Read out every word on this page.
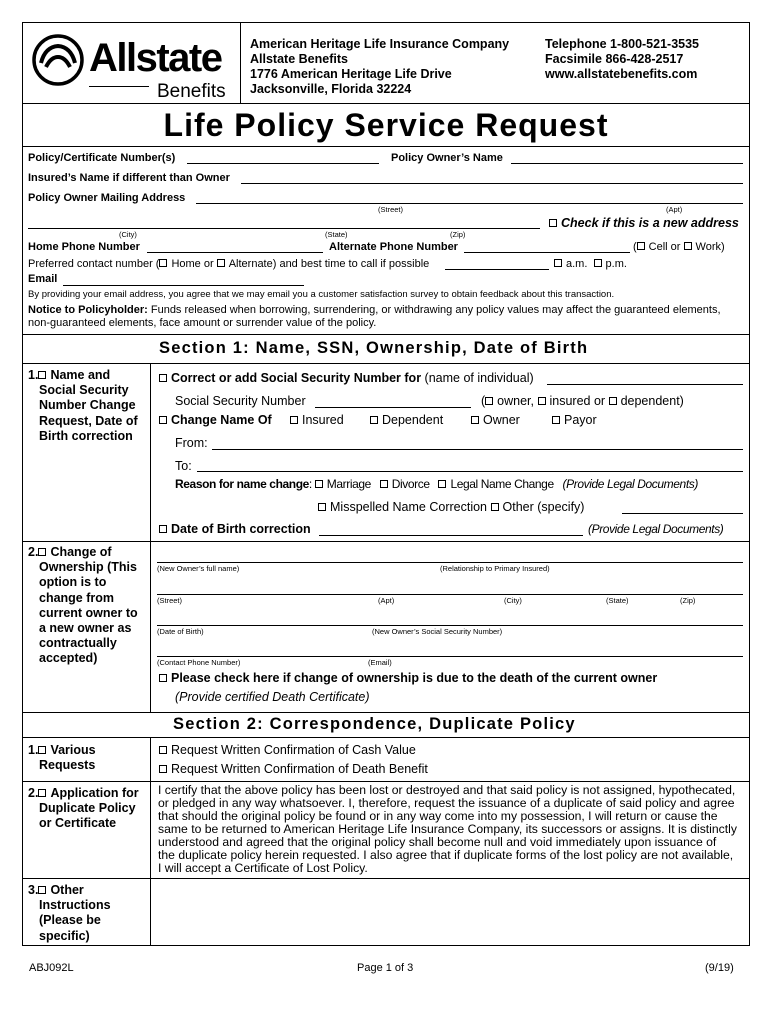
Allstate
Benefits
American Heritage Life Insurance Company
Allstate Benefits
1776 American Heritage Life Drive
Jacksonville, Florida 32224
Telephone 1-800-521-3535
Facsimile 866-428-2517
www.allstatebenefits.com
Life Policy Service Request
Policy/Certificate Number(s)	Policy Owner’s Name
Insured’s Name if different than Owner
Policy Owner Mailing Address
(Street)	(Apt)
Check if this is a new address
(City)	(State)	(Zip)
Home Phone Number	Alternate Phone Number	( Cell or Work)
Preferred contact number ( Home or Alternate) and best time to call if possible	a.m. p.m.
Email
By providing your email address, you agree that we may email you a customer satisfaction survey to obtain feedback about this transaction.
Notice to Policyholder: Funds released when borrowing, surrendering, or withdrawing any policy values may affect the guaranteed elements,
non-guaranteed elements, face amount or surrender value of the policy.
Section 1: Name, SSN, Ownership, Date of Birth
1. Name and
Social Security
Number Change
Request, Date of
Birth correction
Correct or add Social Security Number for (name of individual)
Social Security Number	( owner, insured or dependent)
Change Name Of	Insured	Dependent	Owner	Payor
From:
To:
Reason for name change: Marriage Divorce Legal Name Change (Provide Legal Documents)
Misspelled Name Correction Other (specify)
Date of Birth correction	(Provide Legal Documents)
2. Change of
Ownership (This
option is to
change from
current owner to
a new owner as
contractually
accepted)
(New Owner’s full name)	(Relationship to Primary Insured)
(Street)	(Apt)	(City)	(State)	(Zip)
(Date of Birth)	(New Owner’s Social Security Number)
(Contact Phone Number)	(Email)
Please check here if change of ownership is due to the death of the current owner
(Provide certified Death Certificate)
Section 2: Correspondence, Duplicate Policy
1. Various
Requests
Request Written Confirmation of Cash Value
Request Written Confirmation of Death Benefit
2. Application for
Duplicate Policy
or Certificate
I certify that the above policy has been lost or destroyed and that said policy is not assigned, hypothecated,
or pledged in any way whatsoever. I, therefore, request the issuance of a duplicate of said policy and agree
that should the original policy be found or in any way come into my possession, I will return or cause the
same to be returned to American Heritage Life Insurance Company, its successors or assigns. It is distinctly
understood and agreed that the original policy shall become null and void immediately upon issuance of
the duplicate policy herein requested. I also agree that if duplicate forms of the lost policy are not available,
I will accept a Certificate of Lost Policy.
3. Other
Instructions
(Please be
specific)
ABJ092L	Page 1 of 3	(9/19)
